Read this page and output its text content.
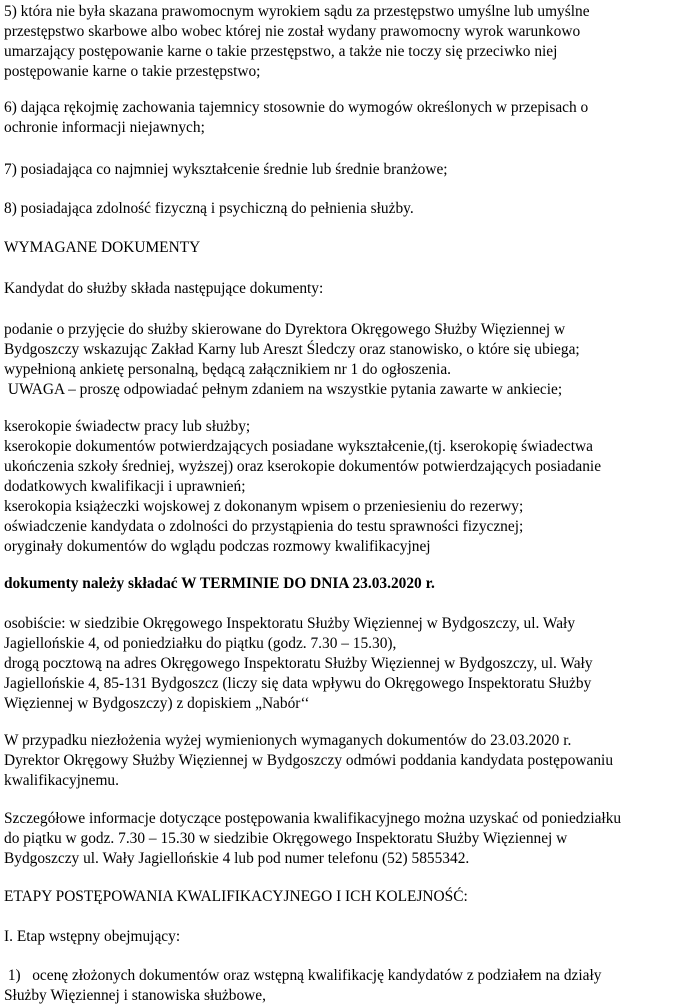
5) która nie była skazana prawomocnym wyrokiem sądu za przestępstwo umyślne lub umyślne
przestępstwo skarbowe albo wobec której nie został wydany prawomocny wyrok warunkowo
umarzający postępowanie karne o takie przestępstwo, a także nie toczy się przeciwko niej
postępowanie karne o takie przestępstwo;
6) dająca rękojmię zachowania tajemnicy stosownie do wymogów określonych w przepisach o
ochronie informacji niejawnych;
7) posiadająca co najmniej wykształcenie średnie lub średnie branżowe;
8) posiadająca zdolność fizyczną i psychiczną do pełnienia służby.
WYMAGANE DOKUMENTY
Kandydat do służby składa następujące dokumenty:
podanie o przyjęcie do służby skierowane do Dyrektora Okręgowego Służby Więziennej w
Bydgoszczy wskazując Zakład Karny lub Areszt Śledczy oraz stanowisko, o które się ubiega;
wypełnioną ankietę personalną, będącą załącznikiem nr 1 do ogłoszenia.
UWAGA – proszę odpowiadać pełnym zdaniem na wszystkie pytania zawarte w ankiecie;
kserokopie świadectw pracy lub służby;
kserokopie dokumentów potwierdzających posiadane wykształcenie,(tj. kserokopię świadectwa
ukończenia szkoły średniej, wyższej) oraz kserokopie dokumentów potwierdzających posiadanie
dodatkowych kwalifikacji i uprawnień;
kserokopia książeczki wojskowej z dokonanym wpisem o przeniesieniu do rezerwy;
oświadczenie kandydata o zdolności do przystąpienia do testu sprawności fizycznej;
oryginały dokumentów do wglądu podczas rozmowy kwalifikacyjnej
dokumenty należy składać W TERMINIE DO DNIA 23.03.2020 r.
osobiście: w siedzibie Okręgowego Inspektoratu Służby Więziennej w Bydgoszczy, ul. Wały
Jagiellońskie 4, od poniedziałku do piątku (godz. 7.30 – 15.30),
drogą pocztową na adres Okręgowego Inspektoratu Służby Więziennej w Bydgoszczy, ul. Wały
Jagiellońskie 4, 85-131 Bydgoszcz (liczy się data wpływu do Okręgowego Inspektoratu Służby
Więziennej w Bydgoszczy) z dopiskiem „Nabór‘‘
W przypadku niezłożenia wyżej wymienionych wymaganych dokumentów do 23.03.2020 r.
Dyrektor Okręgowy Służby Więziennej w Bydgoszczy odmówi poddania kandydata postępowaniu
kwalifikacyjnemu.
Szczegółowe informacje dotyczące postępowania kwalifikacyjnego można uzyskać od poniedziałku
do piątku w godz. 7.30 – 15.30 w siedzibie Okręgowego Inspektoratu Służby Więziennej w
Bydgoszczy ul. Wały Jagiellońskie 4 lub pod numer telefonu (52) 5855342.
ETAPY POSTĘPOWANIA KWALIFIKACYJNEGO I ICH KOLEJNOŚĆ:
I. Etap wstępny obejmujący:
1)   ocenę złożonych dokumentów oraz wstępną kwalifikację kandydatów z podziałem na działy
Służby Więziennej i stanowiska służbowe,
